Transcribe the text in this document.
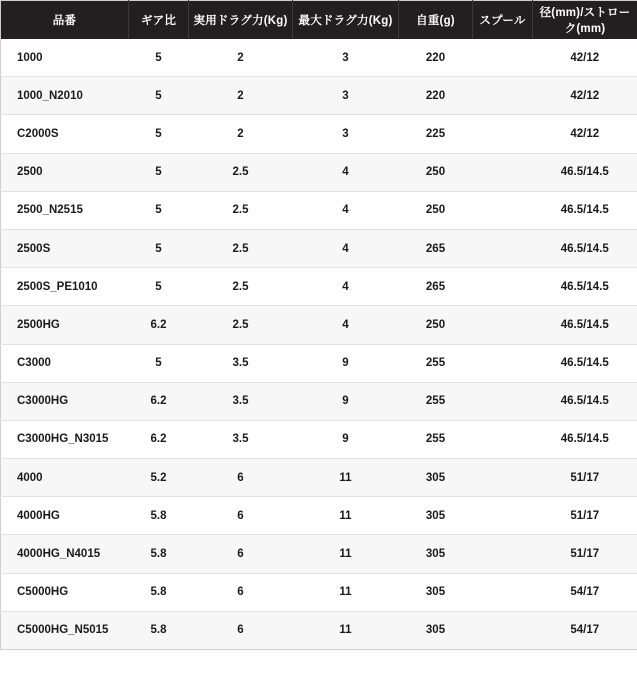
品番	ギア比	実用ドラグ力(Kg)	最大ドラグ力(Kg)	自重(g)	スプール	径(mm)/ストローク(mm)
1000	5	2	3	220		42/12
1000_N2010	5	2	3	220		42/12
C2000S	5	2	3	225		42/12
2500	5	2.5	4	250		46.5/14.5
2500_N2515	5	2.5	4	250		46.5/14.5
2500S	5	2.5	4	265		46.5/14.5
2500S_PE1010	5	2.5	4	265		46.5/14.5
2500HG	6.2	2.5	4	250		46.5/14.5
C3000	5	3.5	9	255		46.5/14.5
C3000HG	6.2	3.5	9	255		46.5/14.5
C3000HG_N3015	6.2	3.5	9	255		46.5/14.5
4000	5.2	6	11	305		51/17
4000HG	5.8	6	11	305		51/17
4000HG_N4015	5.8	6	11	305		51/17
C5000HG	5.8	6	11	305		54/17
C5000HG_N5015	5.8	6	11	305		54/17
